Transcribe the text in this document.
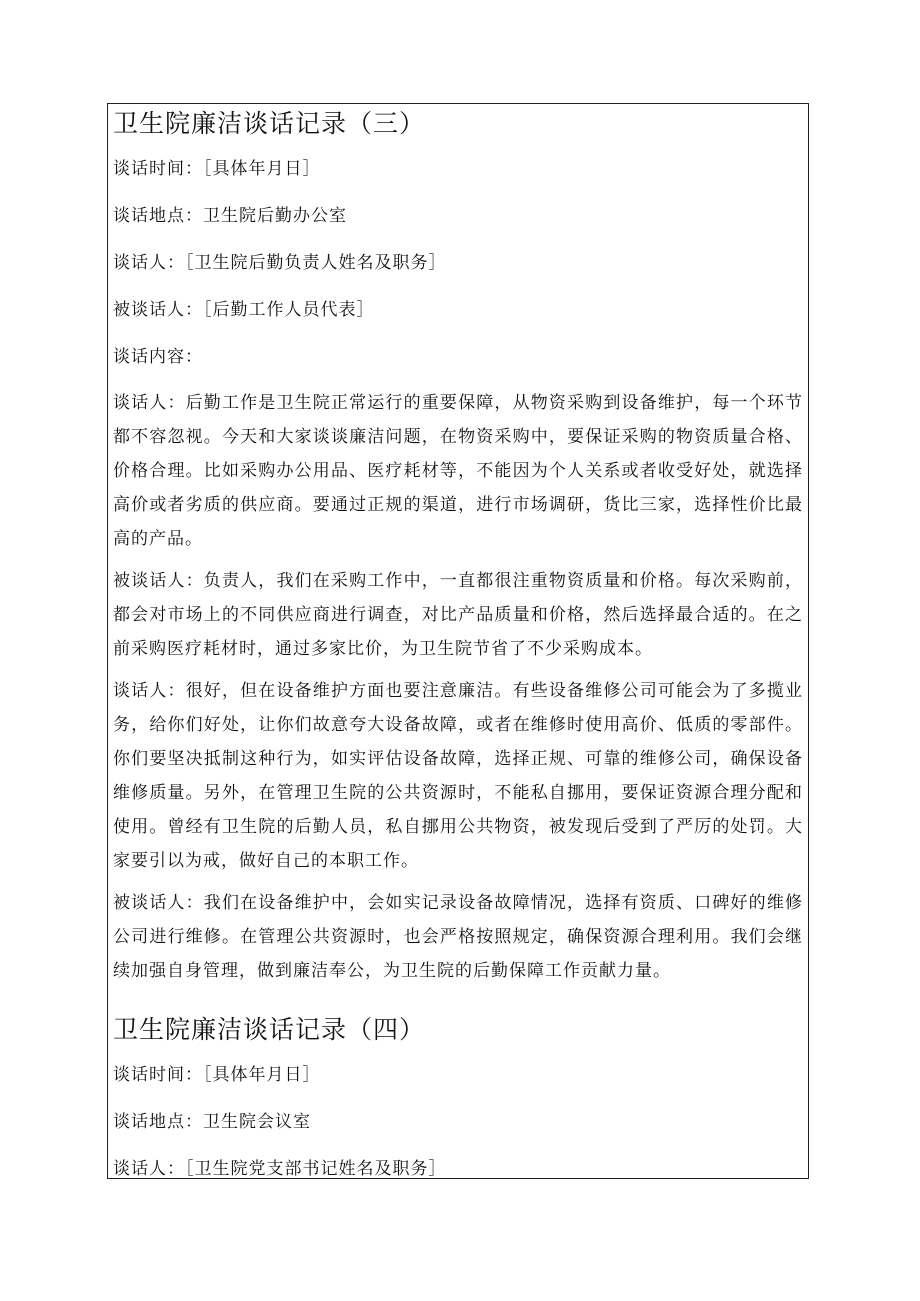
卫生院廉洁谈话记录（三）

谈话时间：［具体年月日］

谈话地点：卫生院后勤办公室

谈话人：［卫生院后勤负责人姓名及职务］

被谈话人：［后勤工作人员代表］

谈话内容：

谈话人：后勤工作是卫生院正常运行的重要保障，从物资采购到设备维护，每一个环节都不容忽视。今天和大家谈谈廉洁问题，在物资采购中，要保证采购的物资质量合格、价格合理。比如采购办公用品、医疗耗材等，不能因为个人关系或者收受好处，就选择高价或者劣质的供应商。要通过正规的渠道，进行市场调研，货比三家，选择性价比最高的产品。

被谈话人：负责人，我们在采购工作中，一直都很注重物资质量和价格。每次采购前，都会对市场上的不同供应商进行调查，对比产品质量和价格，然后选择最合适的。在之前采购医疗耗材时，通过多家比价，为卫生院节省了不少采购成本。

谈话人：很好，但在设备维护方面也要注意廉洁。有些设备维修公司可能会为了多揽业务，给你们好处，让你们故意夸大设备故障，或者在维修时使用高价、低质的零部件。你们要坚决抵制这种行为，如实评估设备故障，选择正规、可靠的维修公司，确保设备维修质量。另外，在管理卫生院的公共资源时，不能私自挪用，要保证资源合理分配和使用。曾经有卫生院的后勤人员，私自挪用公共物资，被发现后受到了严厉的处罚。大家要引以为戒，做好自己的本职工作。

被谈话人：我们在设备维护中，会如实记录设备故障情况，选择有资质、口碑好的维修公司进行维修。在管理公共资源时，也会严格按照规定，确保资源合理利用。我们会继续加强自身管理，做到廉洁奉公，为卫生院的后勤保障工作贡献力量。

卫生院廉洁谈话记录（四）

谈话时间：［具体年月日］

谈话地点：卫生院会议室

谈话人：［卫生院党支部书记姓名及职务］
